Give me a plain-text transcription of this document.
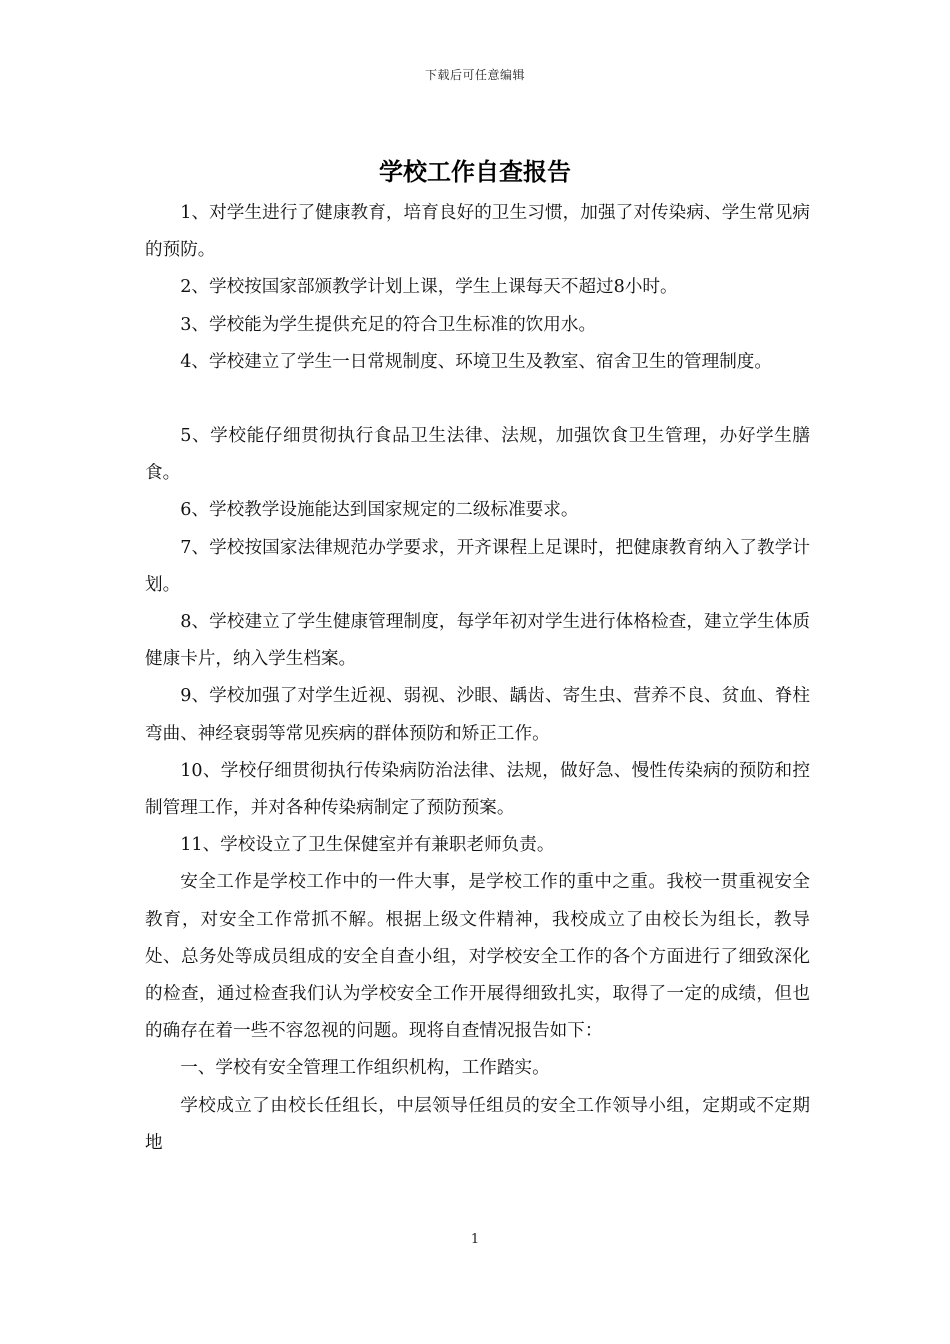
下载后可任意编辑
学校工作自查报告

1、对学生进行了健康教育，培育良好的卫生习惯，加强了对传染病、学生常见病的预防。

2、学校按国家部颁教学计划上课，学生上课每天不超过8小时。

3、学校能为学生提供充足的符合卫生标准的饮用水。

4、学校建立了学生一日常规制度、环境卫生及教室、宿舍卫生的管理制度。

5、学校能仔细贯彻执行食品卫生法律、法规，加强饮食卫生管理，办好学生膳食。

6、学校教学设施能达到国家规定的二级标准要求。

7、学校按国家法律规范办学要求，开齐课程上足课时，把健康教育纳入了教学计划。

8、学校建立了学生健康管理制度，每学年初对学生进行体格检查，建立学生体质健康卡片，纳入学生档案。

9、学校加强了对学生近视、弱视、沙眼、龋齿、寄生虫、营养不良、贫血、脊柱弯曲、神经衰弱等常见疾病的群体预防和矫正工作。

10、学校仔细贯彻执行传染病防治法律、法规，做好急、慢性传染病的预防和控制管理工作，并对各种传染病制定了预防预案。

11、学校设立了卫生保健室并有兼职老师负责。

安全工作是学校工作中的一件大事，是学校工作的重中之重。我校一贯重视安全教育，对安全工作常抓不解。根据上级文件精神，我校成立了由校长为组长，教导处、总务处等成员组成的安全自查小组，对学校安全工作的各个方面进行了细致深化的检查，通过检查我们认为学校安全工作开展得细致扎实，取得了一定的成绩，但也的确存在着一些不容忽视的问题。现将自查情况报告如下：

一、学校有安全管理工作组织机构，工作踏实。

学校成立了由校长任组长，中层领导任组员的安全工作领导小组，定期或不定期地

1
